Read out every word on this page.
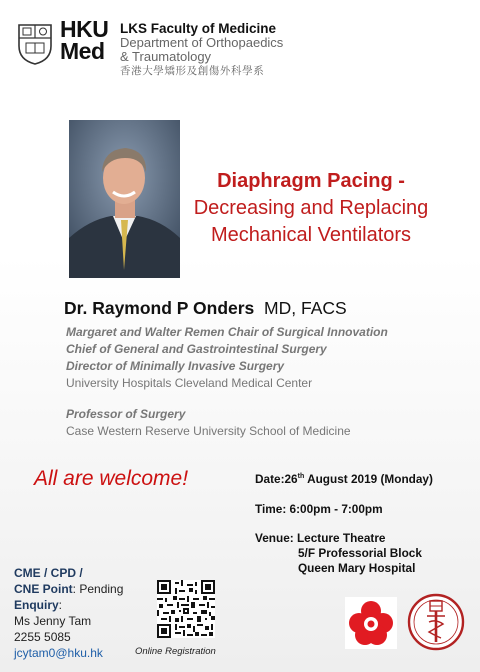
HKU
Med
LKS Faculty of Medicine
Department of Orthopaedics
& Traumatology
香港大學矯形及創傷外科學系
Diaphragm Pacing -
Decreasing and Replacing
Mechanical Ventilators
Dr. Raymond P Onders MD, FACS
Margaret and Walter Remen Chair of Surgical Innovation
Chief of General and Gastrointestinal Surgery
Director of Minimally Invasive Surgery
University Hospitals Cleveland Medical Center
Professor of Surgery
Case Western Reserve University School of Medicine
All are welcome!	Date:26th August 2019 (Monday)
Time: 6:00pm - 7:00pm
Venue: Lecture Theatre
5/F Professorial Block
Queen Mary Hospital
CME / CPD /
CNE Point: Pending
Enquiry:
Ms Jenny Tam
2255 5085
jcytam0@hku.hk	Online Registration
